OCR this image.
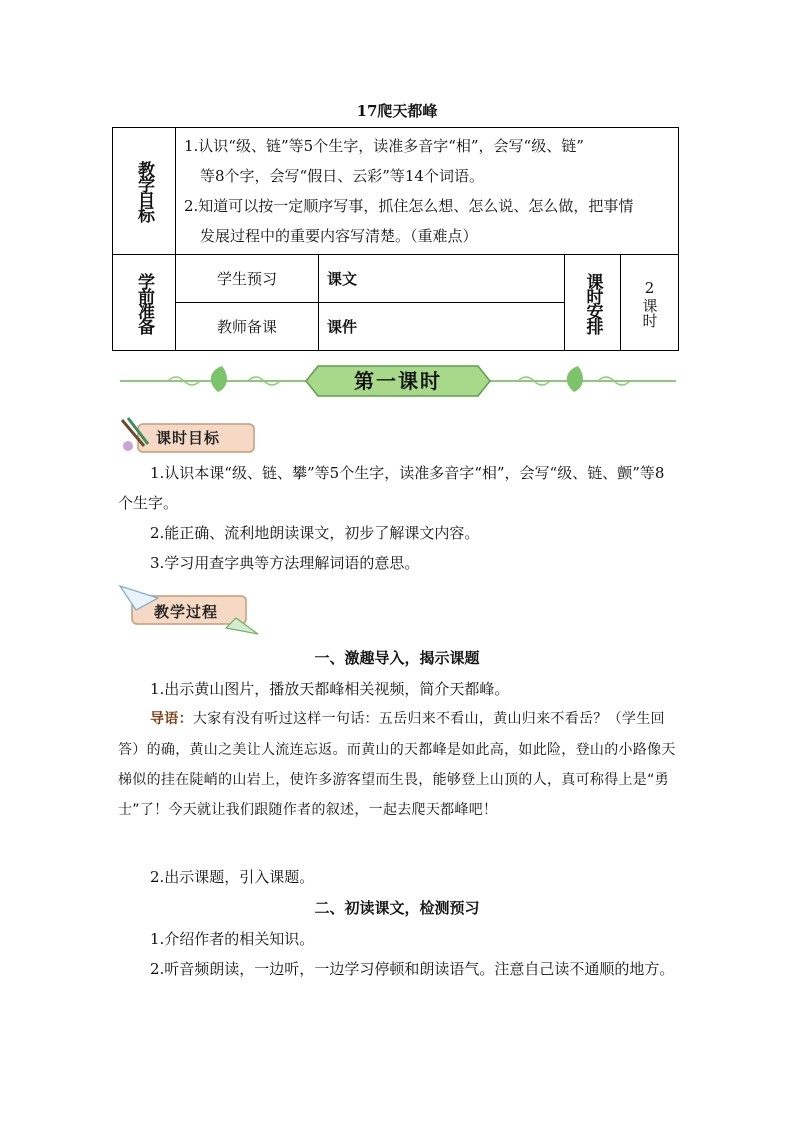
17爬天都峰
教学目标	1.认识“级、链”等5个生字，读准多音字“相”，会写“级、链”
等8个字，会写“假日、云彩”等14个词语。
2.知道可以按一定顺序写事，抓住怎么想、怎么说、怎么做，把事情
发展过程中的重要内容写清楚。（重难点）			

学前准备	学生预习	课文	课时安排	2
课时

	教师备课	课件		
第一课时
课时目标
1.认识本课“级、链、攀”等5个生字，读准多音字“相”，会写“级、链、颤”等8个生字。
2.能正确、流利地朗读课文，初步了解课文内容。
3.学习用查字典等方法理解词语的意思。
教学过程
一、激趣导入，揭示课题
1.出示黄山图片，播放天都峰相关视频，简介天都峰。
导语：大家有没有听过这样一句话：五岳归来不看山，黄山归来不看岳？（学生回答）的确，黄山之美让人流连忘返。而黄山的天都峰是如此高，如此险，登山的小路像天梯似的挂在陡峭的山岩上，使许多游客望而生畏，能够登上山顶的人，真可称得上是“勇士”了！今天就让我们跟随作者的叙述，一起去爬天都峰吧！
2.出示课题，引入课题。
二、初读课文，检测预习
1.介绍作者的相关知识。
2.听音频朗读，一边听，一边学习停顿和朗读语气。注意自己读不通顺的地方。
